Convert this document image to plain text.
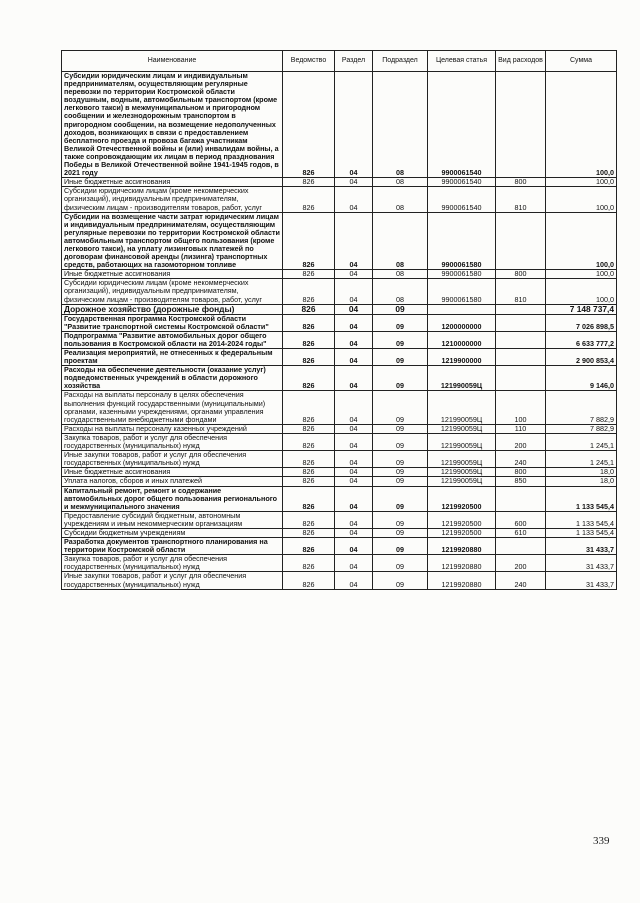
Наименование	Ведомство	Раздел	Подраздел	Целевая статья	Вид расходов	Сумма
Субсидии юридическим лицам и индивидуальным предпринимателям, осуществляющим регулярные перевозки по территории Костромской области воздушным, водным, автомобильным транспортом (кроме легкового такси) в межмуниципальном и пригородном сообщении и железнодорожным транспортом в пригородном сообщении, на возмещение недополученных доходов, возникающих в связи с предоставлением бесплатного проезда и провоза багажа участникам Великой Отечественной войны и (или) инвалидам войны, а также сопровождающим их лицам в период празднования Победы в Великой Отечественной войне 1941-1945 годов, в 2021 году	826	04	08	9900061540		100,0
Иные бюджетные ассигнования	826	04	08	9900061540	800	100,0
Субсидии юридическим лицам (кроме некоммерческих организаций), индивидуальным предпринимателям, физическим лицам - производителям товаров, работ, услуг	826	04	08	9900061540	810	100,0
Субсидии на возмещение части затрат юридическим лицам и индивидуальным предпринимателям, осуществляющим регулярные перевозки по территории Костромской области автомобильным транспортом общего пользования (кроме легкового такси), на уплату лизинговых платежей по договорам финансовой аренды (лизинга) транспортных средств, работающих на газомоторном топливе	826	04	08	9900061580		100,0
Иные бюджетные ассигнования	826	04	08	9900061580	800	100,0
Субсидии юридическим лицам (кроме некоммерческих организаций), индивидуальным предпринимателям, физическим лицам - производителям товаров, работ, услуг	826	04	08	9900061580	810	100,0
Дорожное хозяйство (дорожные фонды)	826	04	09			7 148 737,4
Государственная программа Костромской области "Развитие транспортной системы Костромской области"	826	04	09	1200000000		7 026 898,5
Подпрограмма "Развитие автомобильных дорог общего пользования в Костромской области на 2014-2024 годы"	826	04	09	1210000000		6 633 777,2
Реализация мероприятий, не отнесенных к федеральным проектам	826	04	09	1219900000		2 900 853,4
Расходы на обеспечение деятельности (оказание услуг) подведомственных учреждений в области дорожного хозяйства	826	04	09	121990059Ц		9 146,0
Расходы на выплаты персоналу в целях обеспечения выполнения функций государственными (муниципальными) органами, казенными учреждениями, органами управления государственными внебюджетными фондами	826	04	09	121990059Ц	100	7 882,9
Расходы на выплаты персоналу казенных учреждений	826	04	09	121990059Ц	110	7 882,9
Закупка товаров, работ и услуг для обеспечения государственных (муниципальных) нужд	826	04	09	121990059Ц	200	1 245,1
Иные закупки товаров, работ и услуг для обеспечения государственных (муниципальных) нужд	826	04	09	121990059Ц	240	1 245,1
Иные бюджетные ассигнования	826	04	09	121990059Ц	800	18,0
Уплата налогов, сборов и иных платежей	826	04	09	121990059Ц	850	18,0
Капитальный ремонт, ремонт и содержание автомобильных дорог общего пользования регионального и межмуниципального значения	826	04	09	1219920500		1 133 545,4
Предоставление субсидий бюджетным, автономным учреждениям и иным некоммерческим организациям	826	04	09	1219920500	600	1 133 545,4
Субсидии бюджетным учреждениям	826	04	09	1219920500	610	1 133 545,4
Разработка документов транспортного планирования на территории Костромской области	826	04	09	1219920880		31 433,7
Закупка товаров, работ и услуг для обеспечения государственных (муниципальных) нужд	826	04	09	1219920880	200	31 433,7
Иные закупки товаров, работ и услуг для обеспечения государственных (муниципальных) нужд	826	04	09	1219920880	240	31 433,7
339
